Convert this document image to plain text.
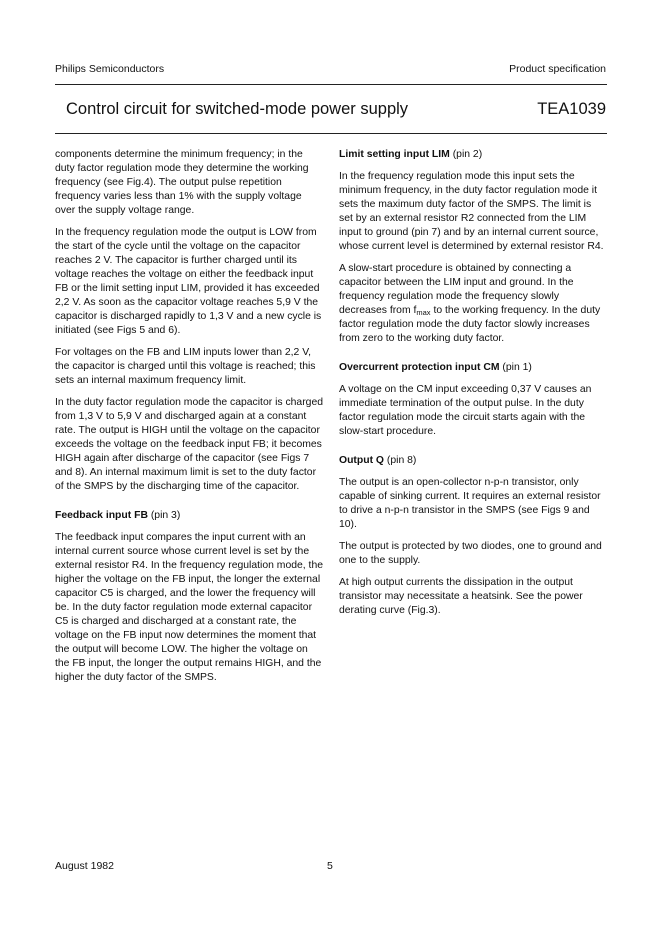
Philips Semiconductors	Product specification
Control circuit for switched-mode power supply	TEA1039

components determine the minimum frequency; in the duty factor regulation mode they determine the working frequency (see Fig.4). The output pulse repetition frequency varies less than 1% with the supply voltage over the supply voltage range.

In the frequency regulation mode the output is LOW from the start of the cycle until the voltage on the capacitor reaches 2 V. The capacitor is further charged until its voltage reaches the voltage on either the feedback input FB or the limit setting input LIM, provided it has exceeded 2,2 V. As soon as the capacitor voltage reaches 5,9 V the capacitor is discharged rapidly to 1,3 V and a new cycle is initiated (see Figs 5 and 6).

For voltages on the FB and LIM inputs lower than 2,2 V, the capacitor is charged until this voltage is reached; this sets an internal maximum frequency limit.

In the duty factor regulation mode the capacitor is charged from 1,3 V to 5,9 V and discharged again at a constant rate. The output is HIGH until the voltage on the capacitor exceeds the voltage on the feedback input FB; it becomes HIGH again after discharge of the capacitor (see Figs 7 and 8). An internal maximum limit is set to the duty factor of the SMPS by the discharging time of the capacitor.

Feedback input FB (pin 3)

The feedback input compares the input current with an internal current source whose current level is set by the external resistor R4. In the frequency regulation mode, the higher the voltage on the FB input, the longer the external capacitor C5 is charged, and the lower the frequency will be. In the duty factor regulation mode external capacitor C5 is charged and discharged at a constant rate, the voltage on the FB input now determines the moment that the output will become LOW. The higher the voltage on the FB input, the longer the output remains HIGH, and the higher the duty factor of the SMPS.

Limit setting input LIM (pin 2)

In the frequency regulation mode this input sets the minimum frequency, in the duty factor regulation mode it sets the maximum duty factor of the SMPS. The limit is set by an external resistor R2 connected from the LIM input to ground (pin 7) and by an internal current source, whose current level is determined by external resistor R4.

A slow-start procedure is obtained by connecting a capacitor between the LIM input and ground. In the frequency regulation mode the frequency slowly decreases from $f_{max}$ to the working frequency. In the duty factor regulation mode the duty factor slowly increases from zero to the working duty factor.

Overcurrent protection input CM (pin 1)

A voltage on the CM input exceeding 0,37 V causes an immediate termination of the output pulse. In the duty factor regulation mode the circuit starts again with the slow-start procedure.

Output Q (pin 8)

The output is an open-collector n-p-n transistor, only capable of sinking current. It requires an external resistor to drive a n-p-n transistor in the SMPS (see Figs 9 and 10).

The output is protected by two diodes, one to ground and one to the supply.

At high output currents the dissipation in the output transistor may necessitate a heatsink. See the power derating curve (Fig.3).

August 1982	5
